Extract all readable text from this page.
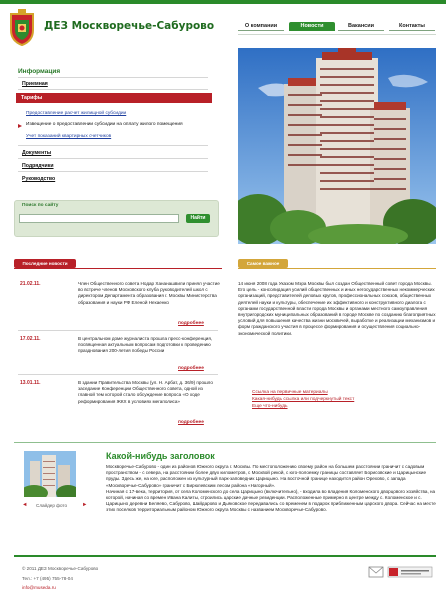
ДЕЗ Москворечье-Сабурово	О компании	Новости	Вакансии	Контакты
Информация
Приемная
Тарифы
Предоставление расчет жилищной субсидии
Извещение о предоставлении субсидии на оплату жилого помещения
Учет показаний квартирных счетчиков
Документы
Подрядчики
Руководство
Поиск по сайту
Найти
Последние новости	Самое важное
21.02.11.	Член Общественного совета Нодар Хананашвили принял участие во встрече членов Московского клуба руководителей школ с директором Департамента образования г. Москвы Министерства образования и науки РФ Еленой Нехаенко
подробнее
17.02.11.	В центральном доме журналиста прошла пресс-конференция, посвященная актуальным вопросам подготовки к проведению празднования 200-летия победы России
подробнее
13.01.11.	В здании Правительства Москвы (ул. Н. Арбат, д. 36/9) прошло заседание Конференции Общественного совета, одной из главной тем которой стало обсуждение вопроса «О ходе реформирования ЖКХ в условиях мегаполиса»
подробнее
14 июня 2008 года Указом Мэра Москвы был создан Общественный совет города Москвы. Его цель - консолидация усилий общественных и иных негосударственных некоммерческих организаций, представителей деловых кругов, профессиональных союзов, общественных деятелей науки и культуры, обеспечение их эффективного и конструктивного диалога с органами государственной власти города Москвы и органами местного самоуправления внутригородских муниципальных образований в городе Москве по созданию благоприятных условий для повышения качества жизни москвичей, выработке и реализации механизмов и форм гражданского участия в процессе формирования и осуществления социально-экономической политики.
Ссылка на первичные материалы
Какая-нибудь ссылка или подчеркнутый текст
Еще что-нибудь
◄ Слайдер фото	►
Какой-нибудь заголовок

Москворечье-Сабурово - один из районов Южного округа г. Москвы. По местоположению своему район на большем расстоянии граничит с садовым пространством - с севера, на расстоянии более двух километров, с Москвой рекой, с юго-полоемку границы составляет Борисовские и Царицынские пруды. Здесь же, на юге, расположен из культурный парк-заповедник Царицыно. На восточной границе находится район Орехово, с запада «Москворечье-Сабурово» граничит с Бирюлевским лесом района «Нагорный».

Начиная с 17-века, территория, от села Коломенского до села Царицыно (включительно), - входила во владения Коломенского дворцового хозяйства, на которой, начиная со времен Ивана Калиты, строились царские дачные резиденции. Расположенные примерно в центре между с. Коломенское и с. Царицыно деревни Беляево, Сабурово, Шайдарово и Дьяковское передавались со временем в подарок приближенным царского двора. Сейчас на месте этих поселков территориальным районом Южного округа Москвы с названием Москворечье-Сабурово.

© 2011 ДЕЗ Москворечье-Сабурово
Тел.: +7 (495) 755-78-04
info@museda.ru
